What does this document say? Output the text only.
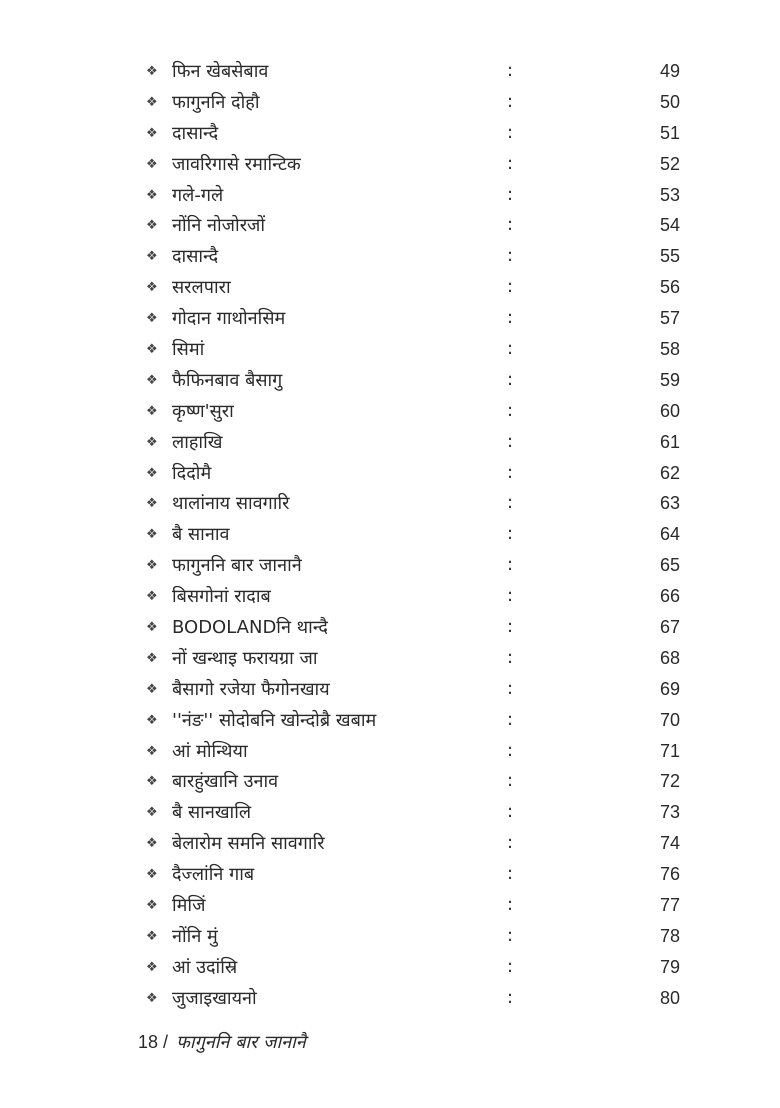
❖ फिन खेबसेबाव	:	49
❖ फागुननि दोहौ	:	50
❖ दासान्दै	:	51
❖ जावरिगासे रमान्टिक	:	52
❖ गले-गले	:	53
❖ नोंनि नोजोरजों	:	54
❖ दासान्दै	:	55
❖ सरलपारा	:	56
❖ गोदान गाथोनसिम	:	57
❖ सिमां	:	58
❖ फैफिनबाव बैसागु	:	59
❖ कृष्ण'सुरा	:	60
❖ लाहाखि	:	61
❖ दिदोमै	:	62
❖ थालांनाय सावगारि	:	63
❖ बै सानाव	:	64
❖ फागुननि बार जानानै	:	65
❖ बिसगोनां रादाब	:	66
❖ BODOLANDनि थान्दै	:	67
❖ नों खन्थाइ फरायग्रा जा	:	68
❖ बैसागो रजेया फैगोनखाय	:	69
❖ ''नंङ'' सोदोबनि खोन्दोब्रै खबाम	:	70
❖ आं मोन्थिया	:	71
❖ बारहुंखानि उनाव	:	72
❖ बै सानखालि	:	73
❖ बेलारोम समनि सावगारि	:	74
❖ दैज्लांनि गाब	:	76
❖ मिजिं	:	77
❖ नोंनि मुं	:	78
❖ आं उदांस्रि	:	79
❖ जुजाइखायनो	:	80
18 / फागुननि बार जानानै
